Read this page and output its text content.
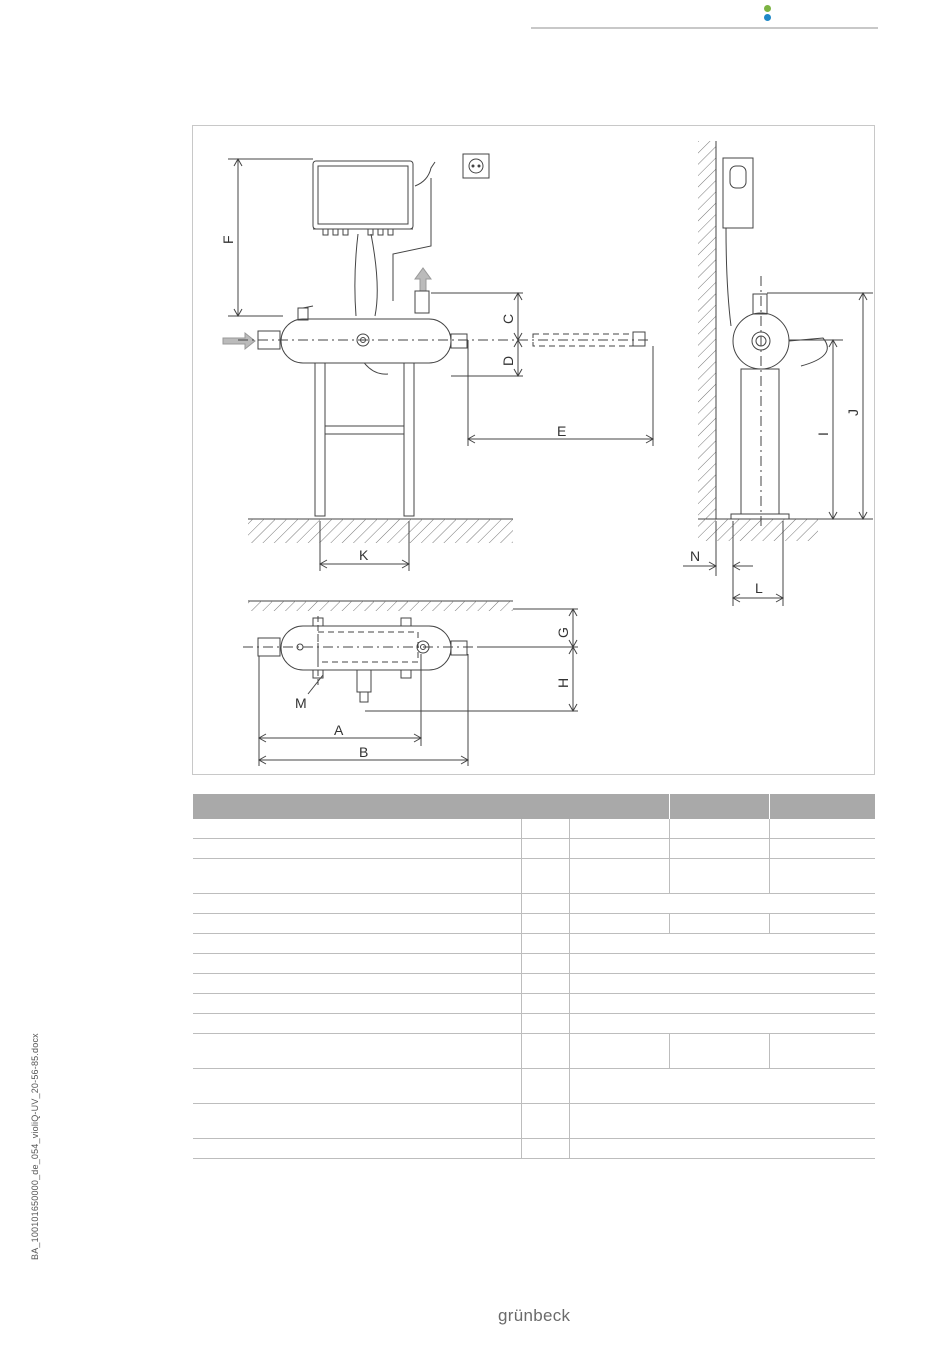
F
C
D
E
K
G
H
M
A
B
J
I
N
L
BA_100101650000_de_054_violiQ-UV_20-56-85.docx
grünbeck
